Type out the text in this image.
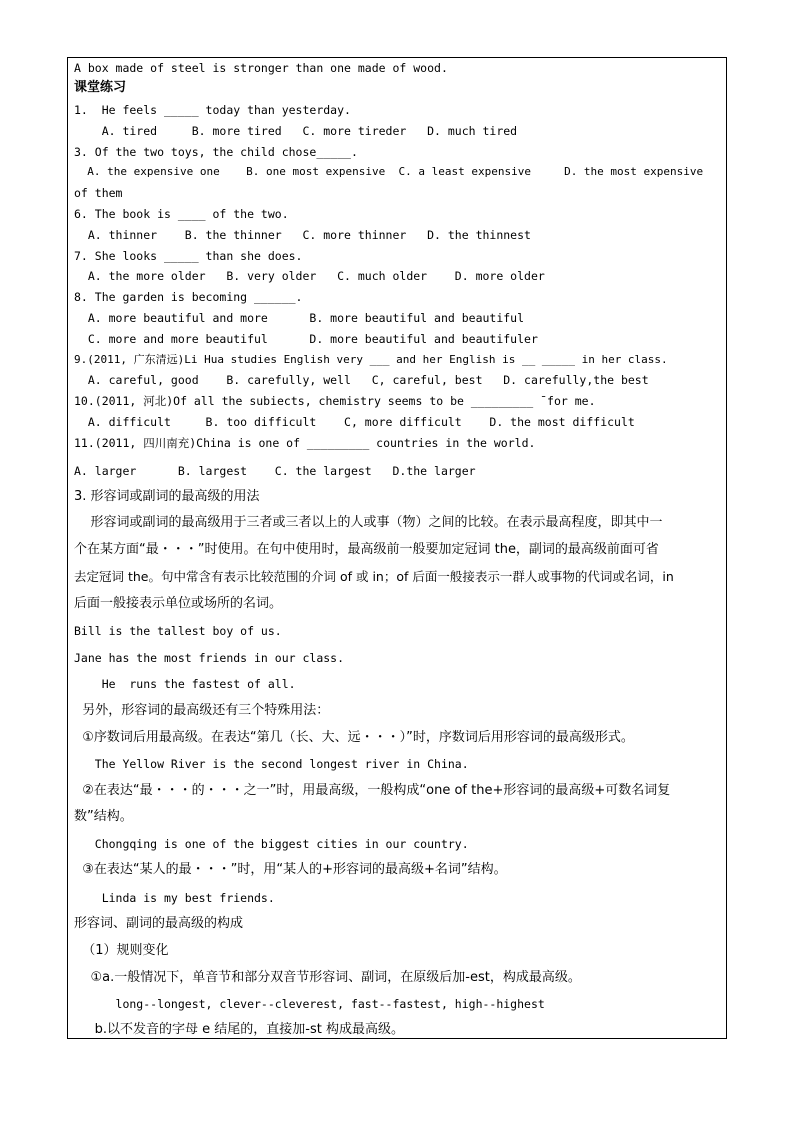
A box made of steel is stronger than one made of wood.
课堂练习
1.  He feels _____ today than yesterday.
A. tired     B. more tired   C. more tireder   D. much tired
3. Of the two toys, the child chose_____.
A. the expensive one    B. one most expensive  C. a least expensive     D. the most expensive
of them
6. The book is ____ of the two.
A. thinner    B. the thinner   C. more thinner   D. the thinnest
7. She looks _____ than she does.
A. the more older   B. very older   C. much older    D. more older
8. The garden is becoming ______.
A. more beautiful and more      B. more beautiful and beautiful
C. more and more beautiful      D. more beautiful and beautifuler
9.(2011, 广东清远)Li Hua studies English very ___ and her English is __ _____ in her class.
A. careful, good    B. carefully, well   C, careful, best   D. carefully,the best
10.(2011, 河北)Of all the subiects, chemistry seems to be _________ ˉfor me.
A. difficult     B. too difficult    C, more difficult    D. the most difficult
11.(2011, 四川南充)China is one of _________ countries in the world.
A. larger      B. largest    C. the largest   D.the larger
3. 形容词或副词的最高级的用法
形容词或副词的最高级用于三者或三者以上的人或事（物）之间的比较。在表示最高程度，即其中一
个在某方面“最・・・”时使用。在句中使用时，最高级前一般要加定冠词 the，副词的最高级前面可省
去定冠词 the。句中常含有表示比较范围的介词 of 或 in；of 后面一般接表示一群人或事物的代词或名词，in
后面一般接表示单位或场所的名词。
Bill is the tallest boy of us.
Jane has the most friends in our class.
He  runs the fastest of all.
另外，形容词的最高级还有三个特殊用法：
①序数词后用最高级。在表达“第几（长、大、远・・・）”时，序数词后用形容词的最高级形式。
The Yellow River is the second longest river in China.
②在表达“最・・・的・・・之一”时，用最高级，一般构成“one of the+形容词的最高级+可数名词复
数”结构。
Chongqing is one of the biggest cities in our country.
③在表达“某人的最・・・”时，用“某人的+形容词的最高级+名词”结构。
Linda is my best friends.
形容词、副词的最高级的构成
（1）规则变化
①a.一般情况下，单音节和部分双音节形容词、副词，在原级后加-est，构成最高级。
long--longest, clever--cleverest, fast--fastest, high--highest
b.以不发音的字母 e 结尾的，直接加-st 构成最高级。
